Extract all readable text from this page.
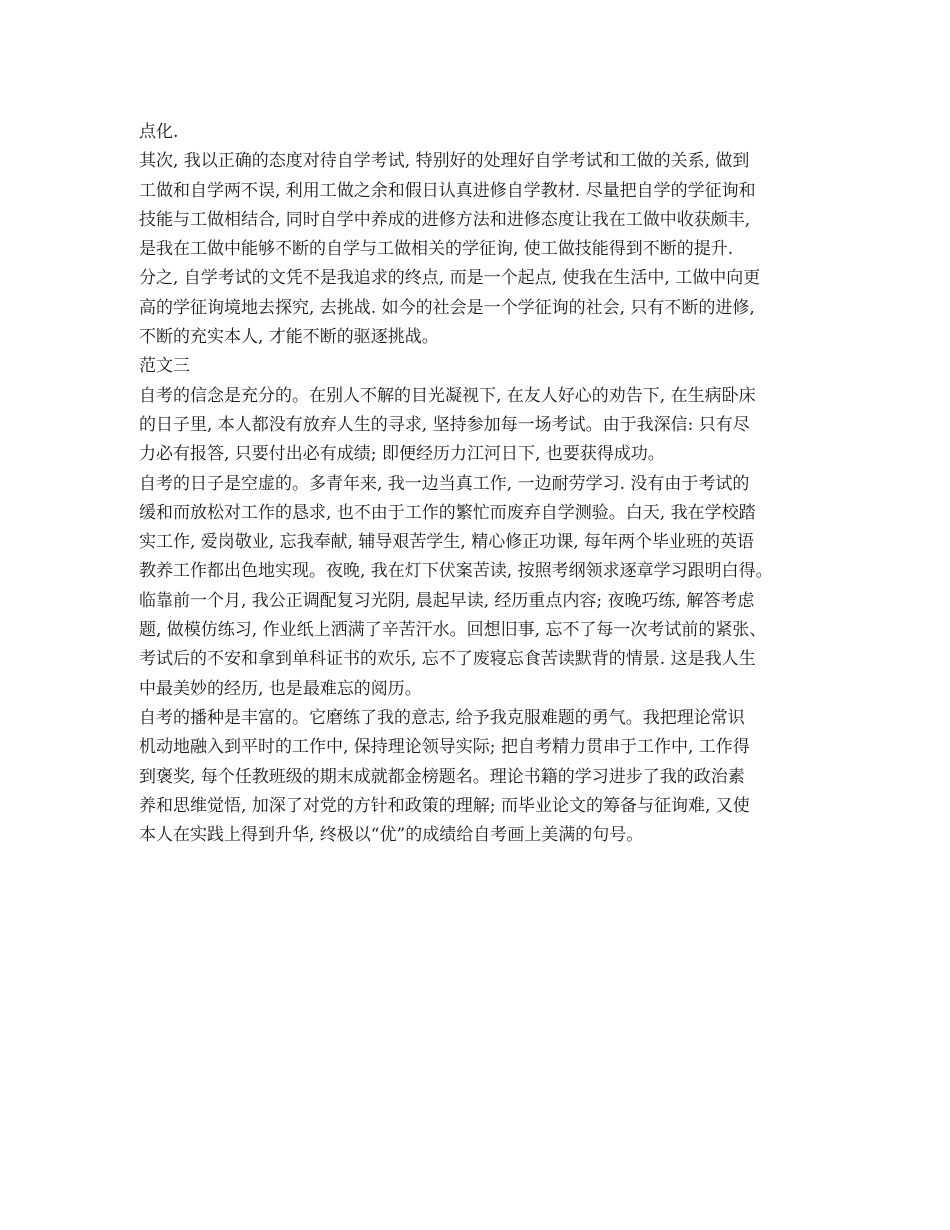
点化.
其次, 我以正确的态度对待自学考试, 特别好的处理好自学考试和工做的关系, 做到
工做和自学两不误, 利用工做之余和假日认真进修自学教材. 尽量把自学的学征询和
技能与工做相结合, 同时自学中养成的进修方法和进修态度让我在工做中收获颇丰,
是我在工做中能够不断的自学与工做相关的学征询, 使工做技能得到不断的提升.
分之, 自学考试的文凭不是我追求的终点, 而是一个起点, 使我在生活中, 工做中向更
高的学征询境地去探究, 去挑战. 如今的社会是一个学征询的社会, 只有不断的进修,
不断的充实本人, 才能不断的驱逐挑战。
范文三
自考的信念是充分的。在别人不解的目光凝视下, 在友人好心的劝告下, 在生病卧床
的日子里, 本人都没有放弃人生的寻求, 坚持参加每一场考试。由于我深信: 只有尽
力必有报答, 只要付出必有成绩; 即便经历力江河日下, 也要获得成功。
自考的日子是空虚的。多青年来, 我一边当真工作, 一边耐劳学习. 没有由于考试的
缓和而放松对工作的恳求, 也不由于工作的繁忙而废弃自学测验。白天, 我在学校踏
实工作, 爱岗敬业, 忘我奉献, 辅导艰苦学生, 精心修正功课, 每年两个毕业班的英语
教养工作都出色地实现。夜晚, 我在灯下伏案苦读, 按照考纲领求逐章学习跟明白得。
临靠前一个月, 我公正调配复习光阴, 晨起早读, 经历重点内容; 夜晚巧练, 解答考虑
题, 做模仿练习, 作业纸上洒满了辛苦汗水。回想旧事, 忘不了每一次考试前的紧张、
考试后的不安和拿到单科证书的欢乐, 忘不了废寝忘食苦读默背的情景. 这是我人生
中最美妙的经历, 也是最难忘的阅历。
自考的播种是丰富的。它磨练了我的意志, 给予我克服难题的勇气。我把理论常识
机动地融入到平时的工作中, 保持理论领导实际; 把自考精力贯串于工作中, 工作得
到褒奖, 每个任教班级的期末成就都金榜题名。理论书籍的学习进步了我的政治素
养和思维觉悟, 加深了对党的方针和政策的理解; 而毕业论文的筹备与征询难, 又使
本人在实践上得到升华, 终极以“优”的成绩给自考画上美满的句号。
